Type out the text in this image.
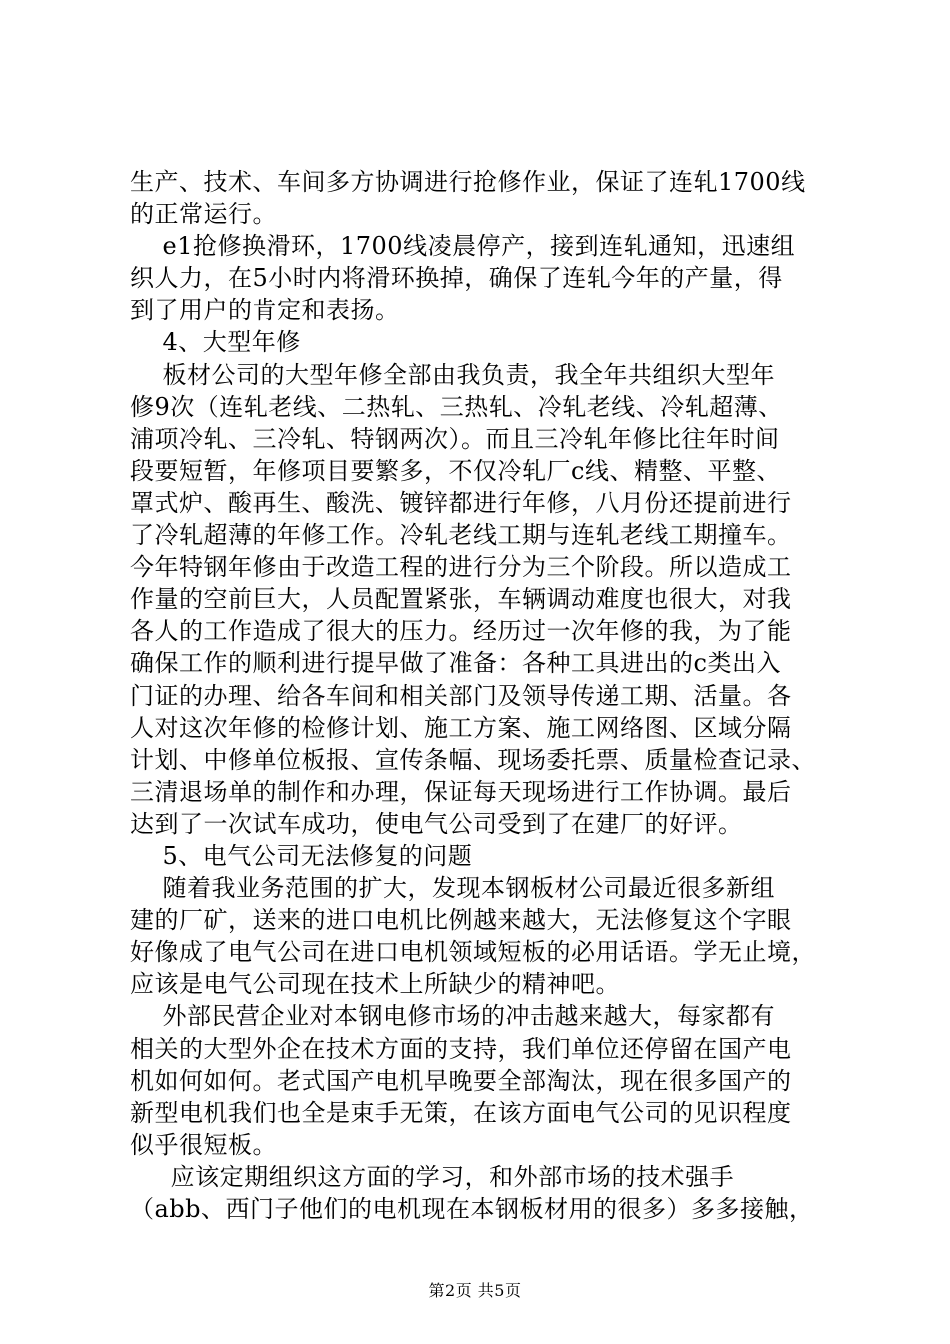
生产、技术、车间多方协调进行抢修作业，保证了连轧1700线
的正常运行。
e1抢修换滑环，1700线凌晨停产，接到连轧通知，迅速组
织人力，在5小时内将滑环换掉，确保了连轧今年的产量，得
到了用户的肯定和表扬。
4、大型年修
板材公司的大型年修全部由我负责，我全年共组织大型年
修9次（连轧老线、二热轧、三热轧、冷轧老线、冷轧超薄、
浦项冷轧、三冷轧、特钢两次）。而且三冷轧年修比往年时间
段要短暂，年修项目要繁多，不仅冷轧厂c线、精整、平整、
罩式炉、酸再生、酸洗、镀锌都进行年修，八月份还提前进行
了冷轧超薄的年修工作。冷轧老线工期与连轧老线工期撞车。
今年特钢年修由于改造工程的进行分为三个阶段。所以造成工
作量的空前巨大，人员配置紧张，车辆调动难度也很大，对我
各人的工作造成了很大的压力。经历过一次年修的我，为了能
确保工作的顺利进行提早做了准备：各种工具进出的c类出入
门证的办理、给各车间和相关部门及领导传递工期、活量。各
人对这次年修的检修计划、施工方案、施工网络图、区域分隔
计划、中修单位板报、宣传条幅、现场委托票、质量检查记录、
三清退场单的制作和办理，保证每天现场进行工作协调。最后
达到了一次试车成功，使电气公司受到了在建厂的好评。
5、电气公司无法修复的问题
随着我业务范围的扩大，发现本钢板材公司最近很多新组
建的厂矿，送来的进口电机比例越来越大，无法修复这个字眼
好像成了电气公司在进口电机领域短板的必用话语。学无止境，
应该是电气公司现在技术上所缺少的精神吧。
外部民营企业对本钢电修市场的冲击越来越大，每家都有
相关的大型外企在技术方面的支持，我们单位还停留在国产电
机如何如何。老式国产电机早晚要全部淘汰，现在很多国产的
新型电机我们也全是束手无策，在该方面电气公司的见识程度
似乎很短板。
应该定期组织这方面的学习，和外部市场的技术强手
（abb、西门子他们的电机现在本钢板材用的很多）多多接触，
第2页 共5页
